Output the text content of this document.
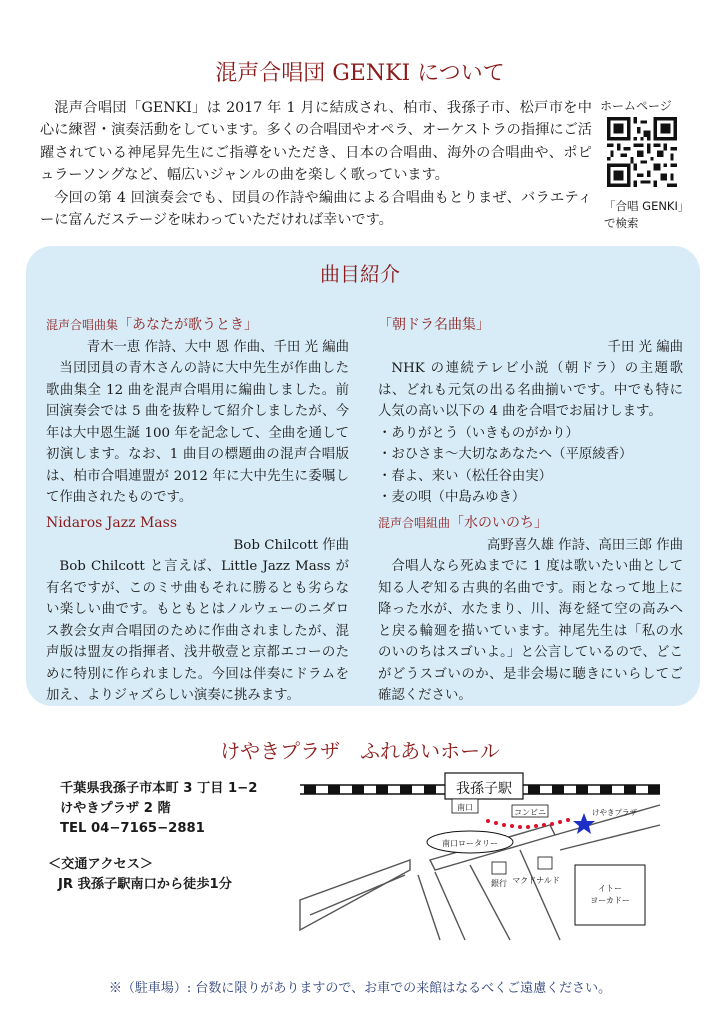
混声合唱団 GENKI について

混声合唱団「GENKI」は 2017 年 1 月に結成され、柏市、我孫子市、松戸市を中心に練習・演奏活動をしています。多くの合唱団やオペラ、オーケストラの指揮にご活躍されている神尾昇先生にご指導をいただき、日本の合唱曲、海外の合唱曲や、ポピュラーソングなど、幅広いジャンルの曲を楽しく歌っています。

今回の第 4 回演奏会でも、団員の作詩や編曲による合唱曲もとりまぜ、バラエティーに富んだステージを味わっていただければ幸いです。

ホームページ
「合唱 GENKI」
で検索
曲目紹介
混声合唱曲集「あなたが歌うとき」
青木一恵 作詩、大中 恩 作曲、千田 光 編曲
当団団員の青木さんの詩に大中先生が作曲した歌曲集全 12 曲を混声合唱用に編曲しました。前回演奏会では 5 曲を抜粋して紹介しましたが、今年は大中恩生誕 100 年を記念して、全曲を通して初演します。なお、1 曲目の標題曲の混声合唱版は、柏市合唱連盟が 2012 年に大中先生に委嘱して作曲されたものです。
「朝ドラ名曲集」
千田 光 編曲
NHK の連続テレビ小説（朝ドラ）の主題歌は、どれも元気の出る名曲揃いです。中でも特に人気の高い以下の 4 曲を合唱でお届けします。
・ありがとう（いきものがかり）
・おひさま～大切なあなたへ（平原綾香）
・春よ、来い（松任谷由実）
・麦の唄（中島みゆき）
Nidaros Jazz Mass
Bob Chilcott 作曲
Bob Chilcott と言えば、Little Jazz Mass が有名ですが、このミサ曲もそれに勝るとも劣らない楽しい曲です。もともとはノルウェーのニダロス教会女声合唱団のために作曲されましたが、混声版は盟友の指揮者、浅井敬壹と京都エコーのために特別に作られました。今回は伴奏にドラムを加え、よりジャズらしい演奏に挑みます。
混声合唱組曲「水のいのち」
高野喜久雄 作詩、高田三郎 作曲
合唱人なら死ぬまでに 1 度は歌いたい曲として知る人ぞ知る古典的名曲です。雨となって地上に降った水が、水たまり、川、海を経て空の高みへと戻る輪廻を描いています。神尾先生は「私の水のいのちはスゴいよ。」と公言しているので、どこがどうスゴいのか、是非会場に聴きにいらしてご確認ください。
けやきプラザ　ふれあいホール
千葉県我孫子市本町 3 丁目 1−2
けやきプラザ 2 階
TEL 04−7165−2881
＜交通アクセス＞
JR 我孫子駅南口から徒歩1分
我孫子駅
南口
コンビニ
南口ロータリー
けやきプラザ
マクドナルド
銀行
イトー
ヨーカドー
※（駐車場）: 台数に限りがありますので、お車での来館はなるべくご遠慮ください。
